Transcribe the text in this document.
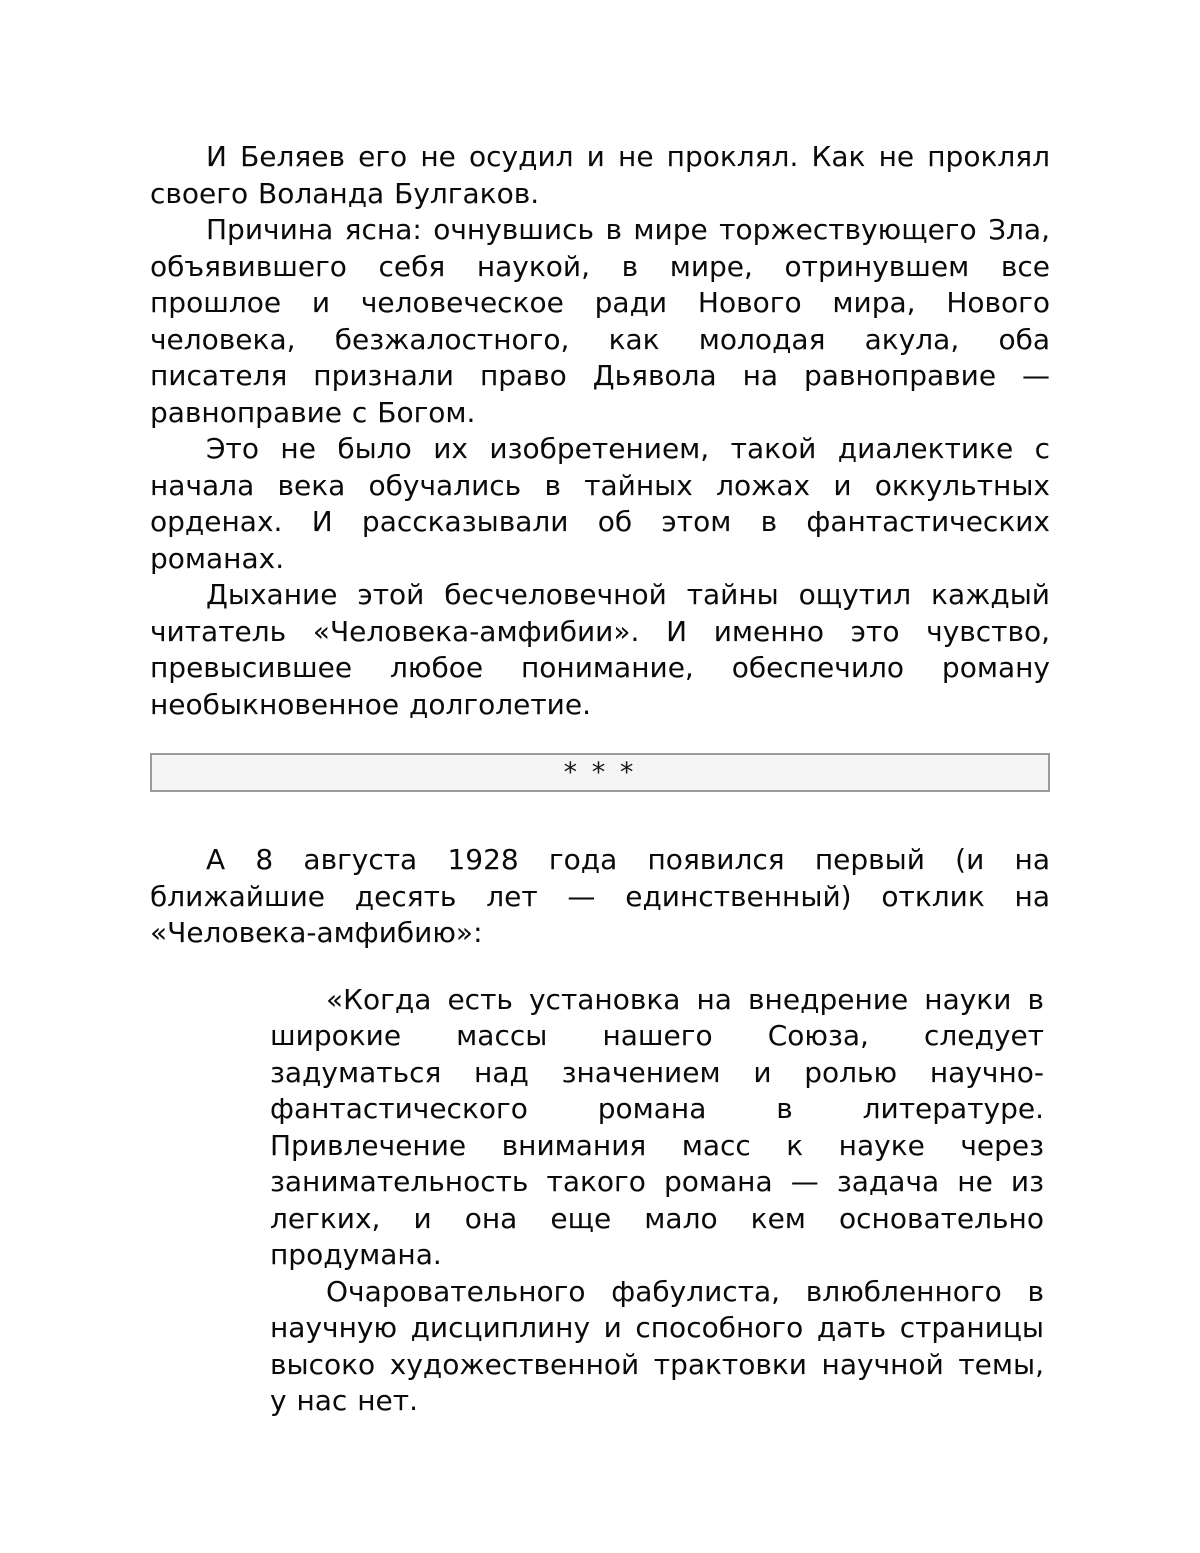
И Беляев его не осудил и не проклял. Как не проклял своего Воланда Булгаков.

Причина ясна: очнувшись в мире торжествующего Зла, объявившего себя наукой, в мире, отринувшем все прошлое и человеческое ради Нового мира, Нового человека, безжалостного, как молодая акула, оба писателя признали право Дьявола на равноправие — равноправие с Богом.

Это не было их изобретением, такой диалектике с начала века обучались в тайных ложах и оккультных орденах. И рассказывали об этом в фантастических романах.

Дыхание этой бесчеловечной тайны ощутил каждый читатель «Человека-амфибии». И именно это чувство, превысившее любое понимание, обеспечило роману необыкновенное долголетие.

* * *

А 8 августа 1928 года появился первый (и на ближайшие десять лет — единственный) отклик на «Человека-амфибию»:

«Когда есть установка на внедрение науки в широкие массы нашего Союза, следует задуматься над значением и ролью научно-фантастического романа в литературе. Привлечение внимания масс к науке через занимательность такого романа — задача не из легких, и она еще мало кем основательно продумана.

Очаровательного фабулиста, влюбленного в научную дисциплину и способного дать страницы высоко художественной трактовки научной темы, у нас нет.
